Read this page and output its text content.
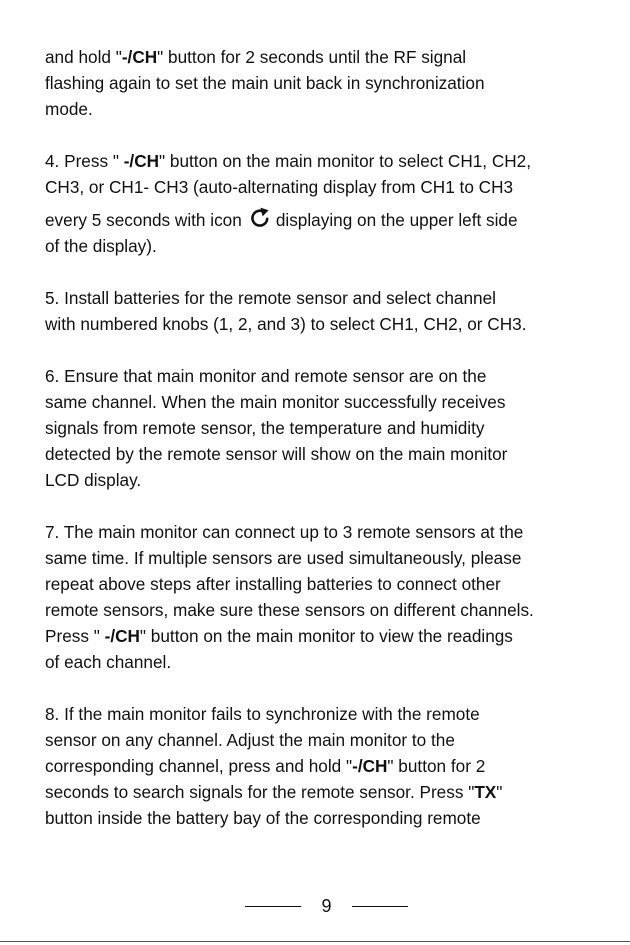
and hold "-/CH" button for 2 seconds until the RF signal
flashing again to set the main unit back in synchronization
mode.

4. Press " -/CH" button on the main monitor to select CH1, CH2,
CH3, or CH1- CH3 (auto-alternating display from CH1 to CH3
every 5 seconds with icon displaying on the upper left side
of the display).

5. Install batteries for the remote sensor and select channel
with numbered knobs (1, 2, and 3) to select CH1, CH2, or CH3.

6. Ensure that main monitor and remote sensor are on the
same channel. When the main monitor successfully receives
signals from remote sensor, the temperature and humidity
detected by the remote sensor will show on the main monitor
LCD display.

7. The main monitor can connect up to 3 remote sensors at the
same time. If multiple sensors are used simultaneously, please
repeat above steps after installing batteries to connect other
remote sensors, make sure these sensors on different channels.
Press " -/CH" button on the main monitor to view the readings
of each channel.

8. If the main monitor fails to synchronize with the remote
sensor on any channel. Adjust the main monitor to the
corresponding channel, press and hold "-/CH" button for 2
seconds to search signals for the remote sensor. Press "TX"
button inside the battery bay of the corresponding remote

9
